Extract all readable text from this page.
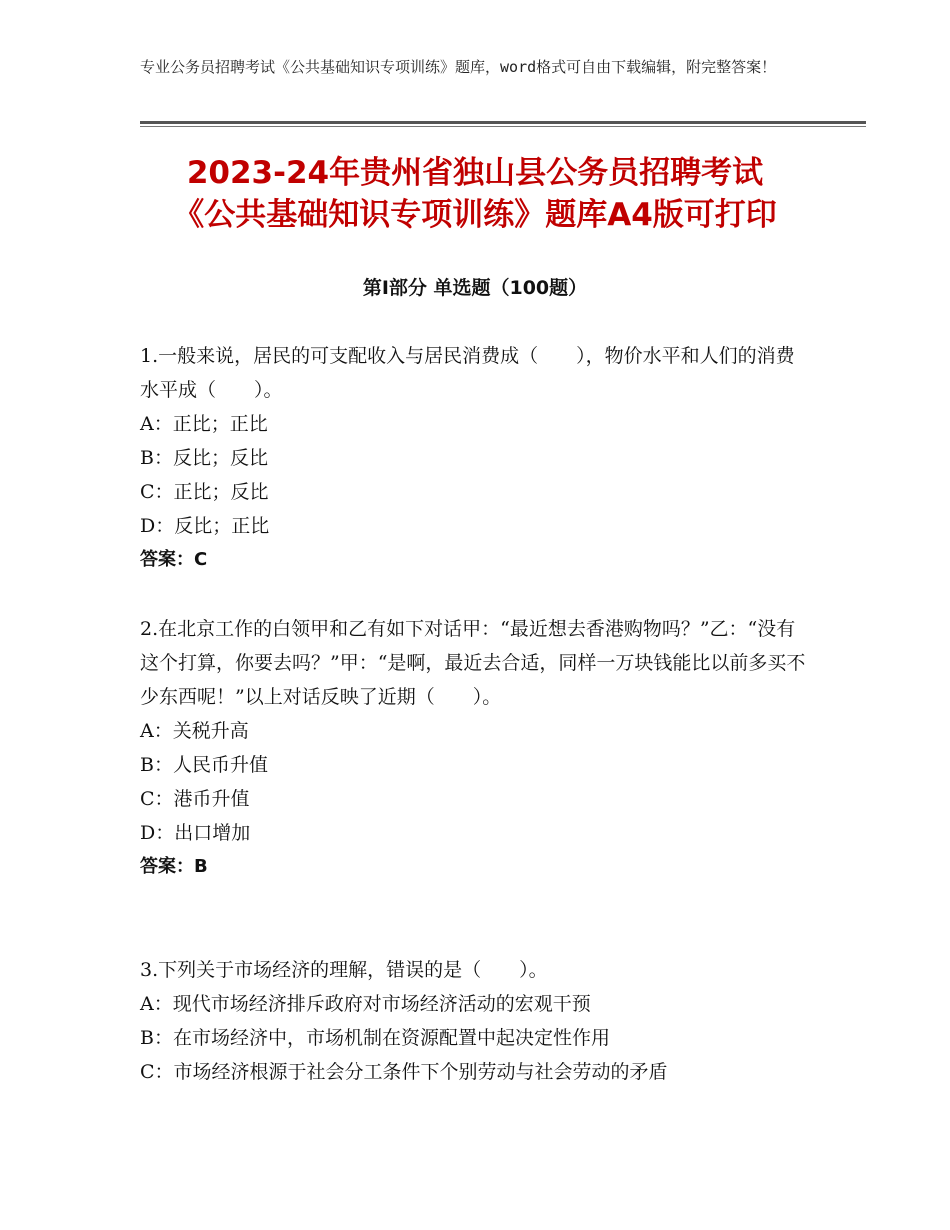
专业公务员招聘考试《公共基础知识专项训练》题库，word格式可自由下载编辑，附完整答案！
2023-24年贵州省独山县公务员招聘考试
《公共基础知识专项训练》题库A4版可打印
第Ⅰ部分 单选题（100题）

1.一般来说，居民的可支配收入与居民消费成（　　），物价水平和人们的消费水平成（　　）。

A：正比；正比

B：反比；反比

C：正比；反比

D：反比；正比

答案：C

2.在北京工作的白领甲和乙有如下对话甲：“最近想去香港购物吗？”乙：“没有这个打算，你要去吗？”甲：“是啊，最近去合适，同样一万块钱能比以前多买不少东西呢！”以上对话反映了近期（　　）。

A：关税升高

B：人民币升值

C：港币升值

D：出口增加

答案：B

3.下列关于市场经济的理解，错误的是（　　）。

A：现代市场经济排斥政府对市场经济活动的宏观干预

B：在市场经济中，市场机制在资源配置中起决定性作用

C：市场经济根源于社会分工条件下个别劳动与社会劳动的矛盾
